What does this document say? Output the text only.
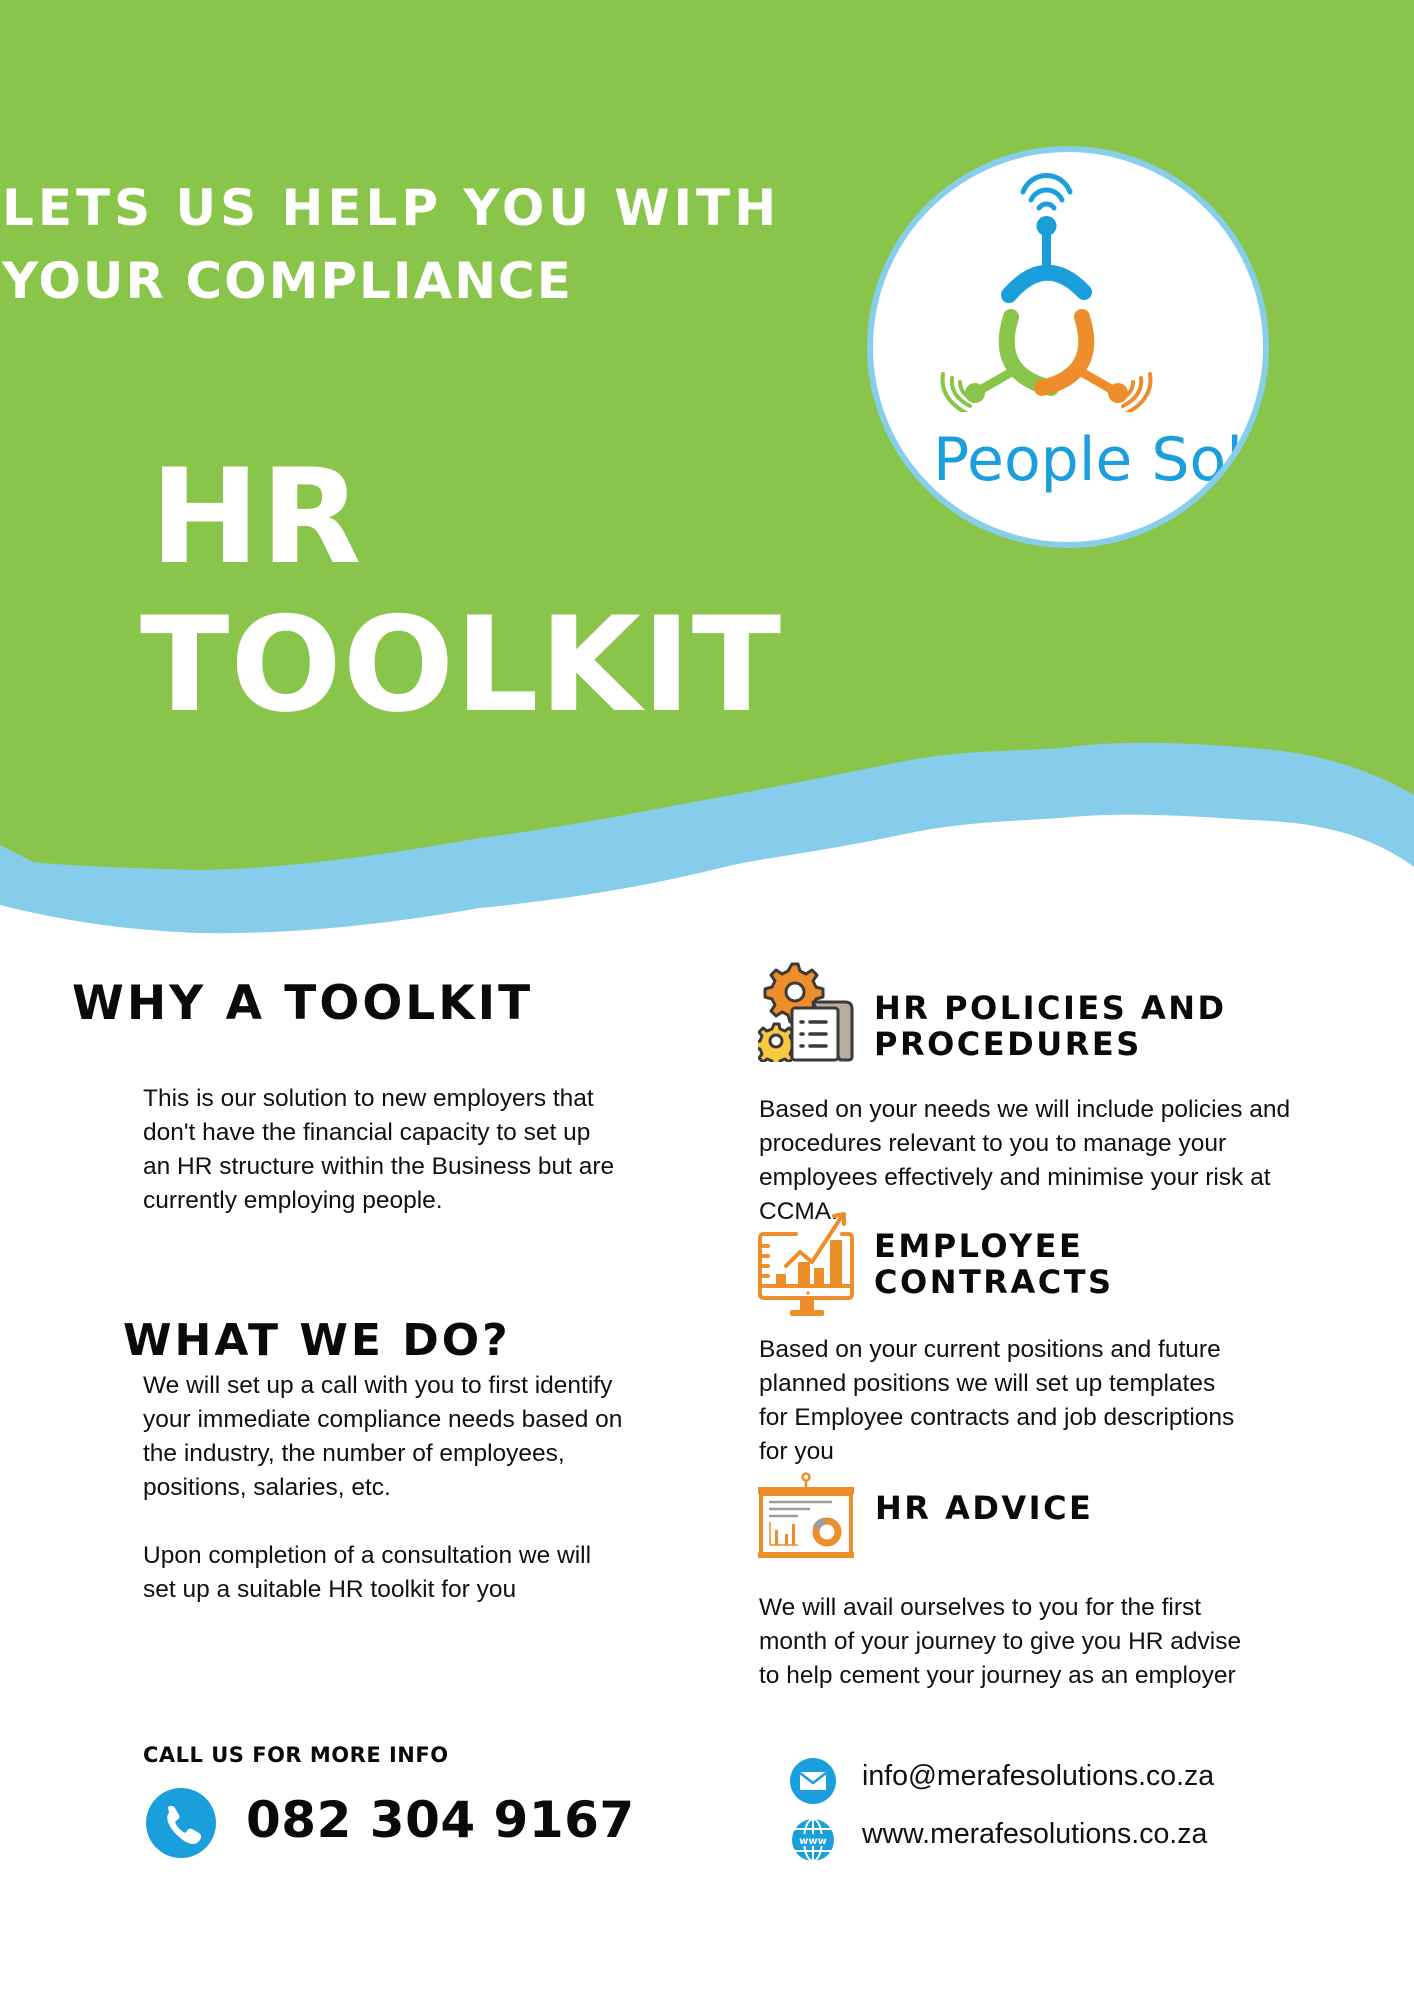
LETS US HELP YOU WITH
YOUR COMPLIANCE
HR
TOOLKIT
People Sol
WHY A TOOLKIT
This is our solution to new employers that
don't have the financial capacity to set up
an HR structure within the Business but are
currently employing people.
WHAT WE DO?
We will set up a call with you to first identify
your immediate compliance needs based on
the industry, the number of employees,
positions, salaries, etc.
Upon completion of a consultation we will
set up a suitable HR toolkit for you
HR POLICIES AND
PROCEDURES
Based on your needs we will include policies and
procedures relevant to you to manage your
employees effectively and minimise your risk at
CCMA.
EMPLOYEE
CONTRACTS
Based on your current positions and future
planned positions we will set up templates
for Employee contracts and job descriptions
for you
HR ADVICE
We will avail ourselves to you for the first
month of your journey to give you HR advise
to help cement your journey as an employer
CALL US FOR MORE INFO
082 304 9167
info@merafesolutions.co.za
www www.merafesolutions.co.za
